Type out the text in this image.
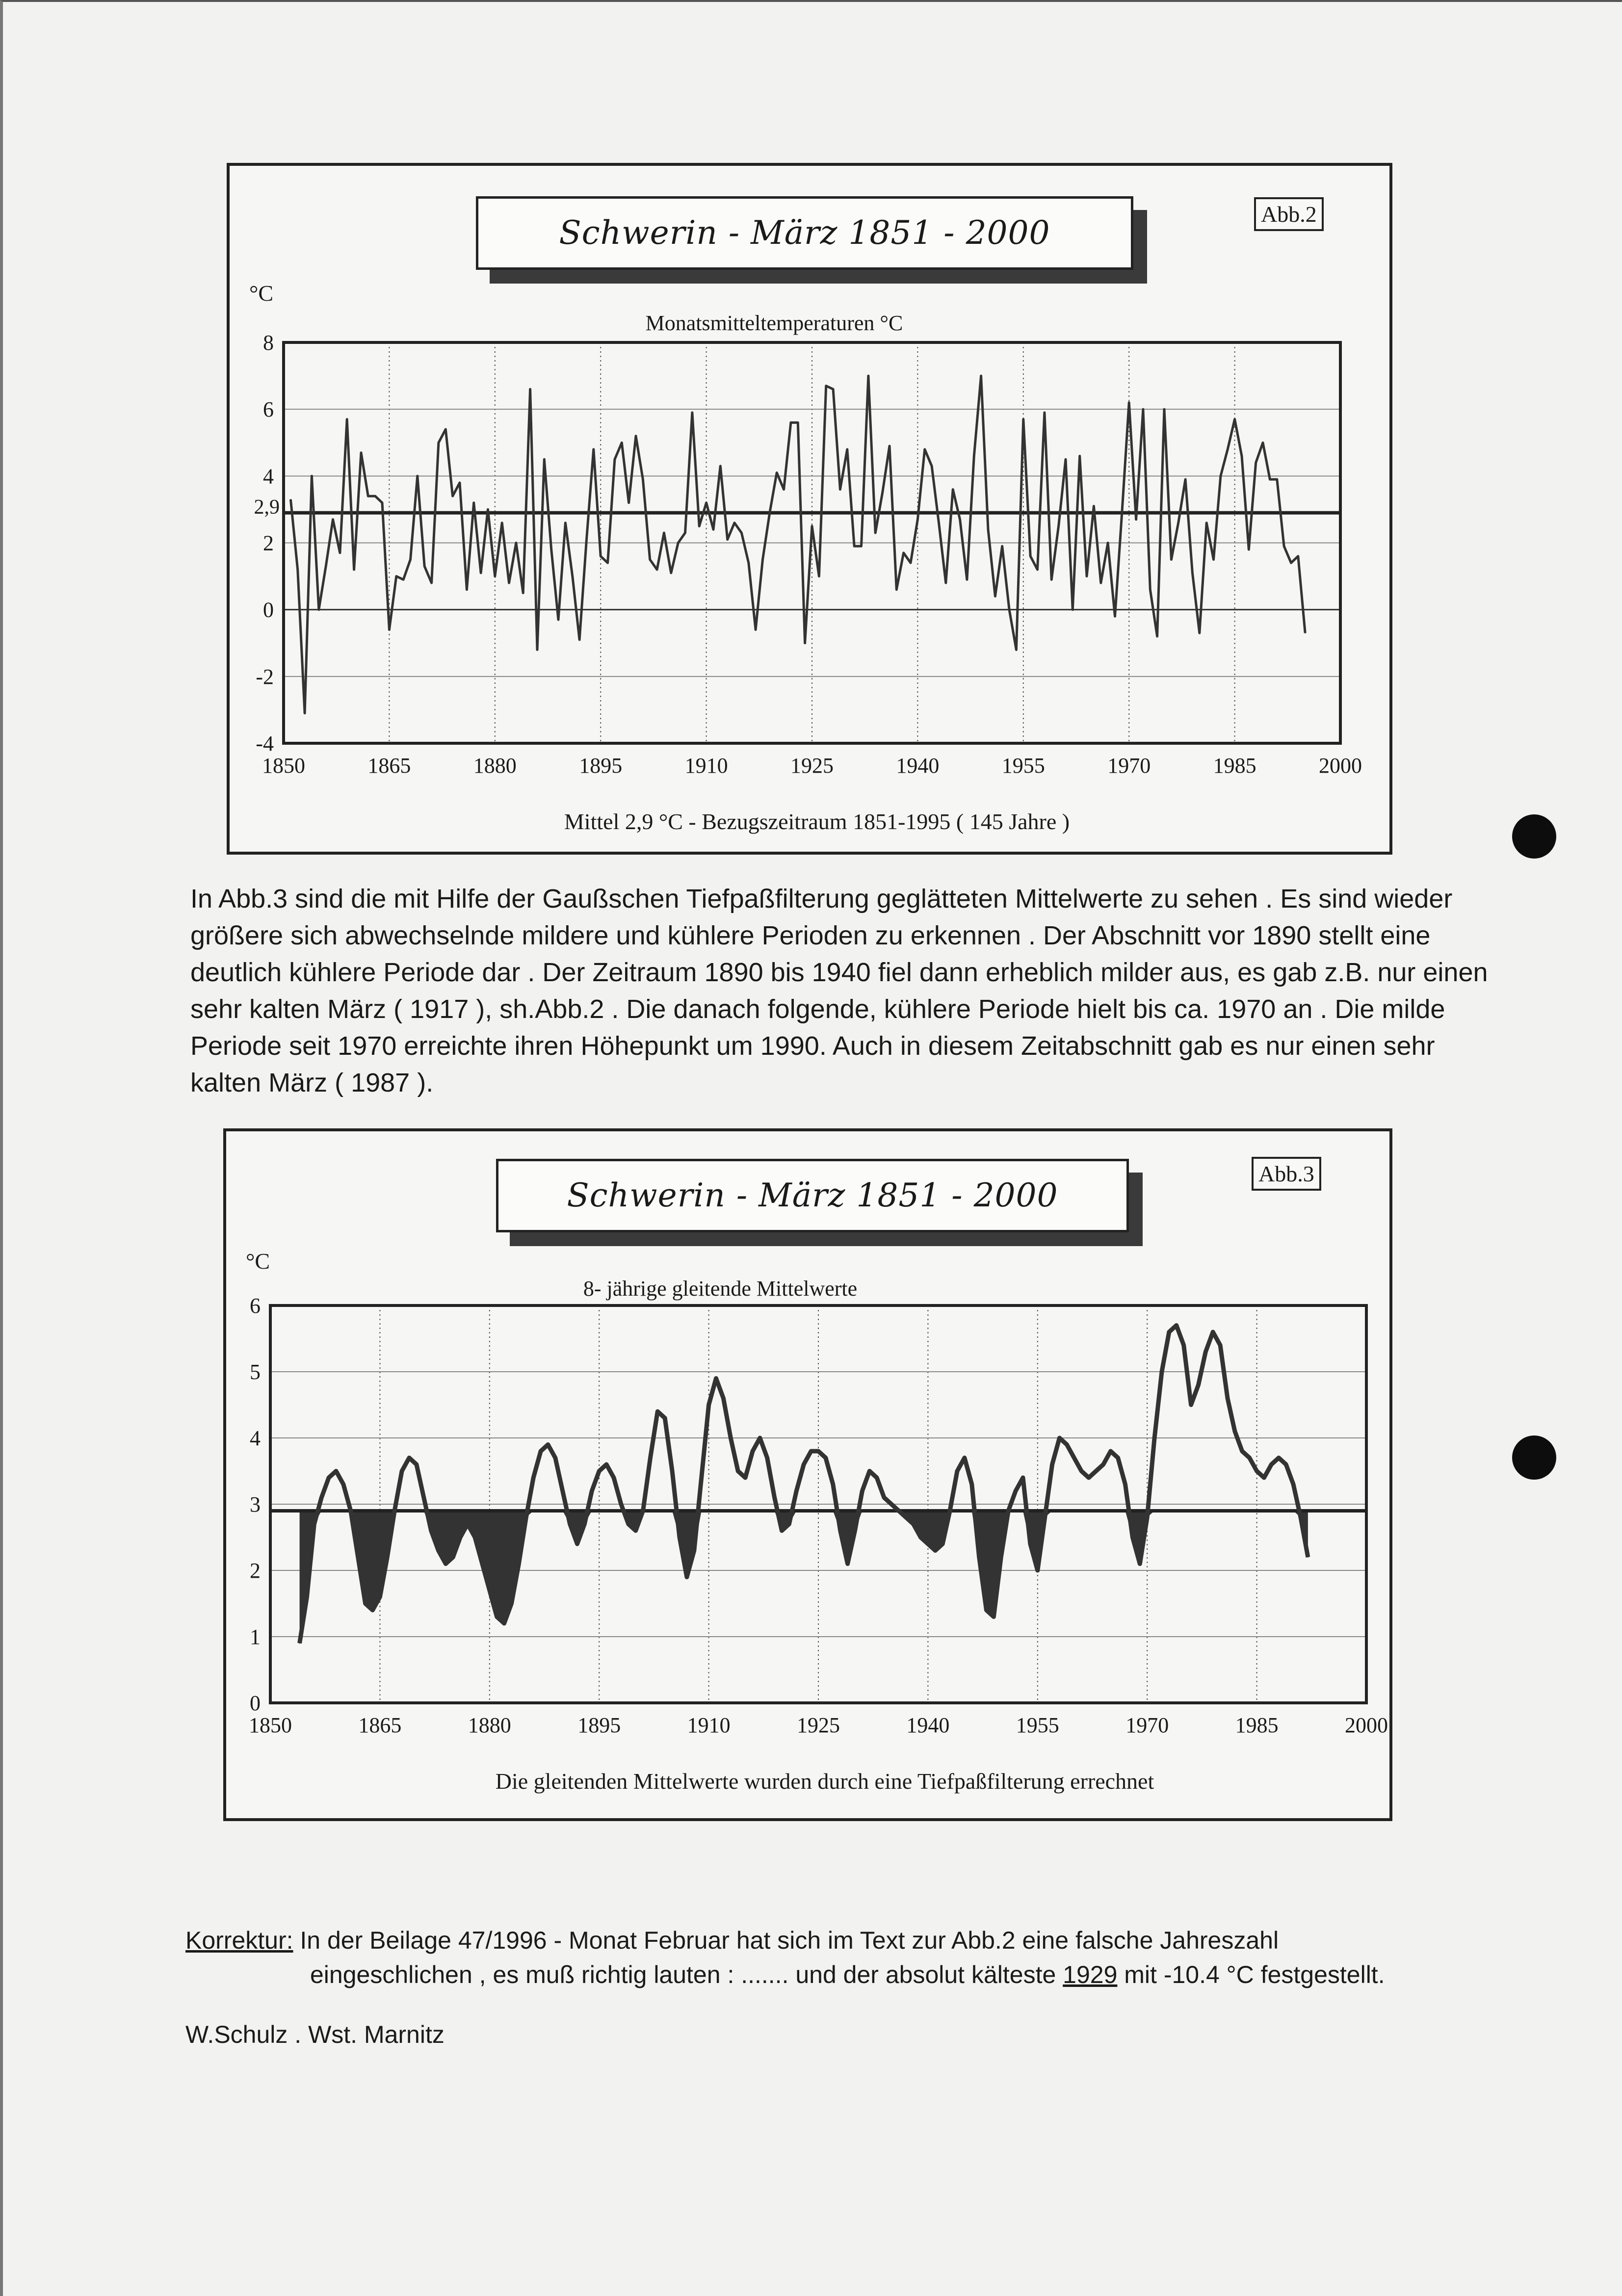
1850	1865	1880	1895	1910	1925	1940	1955	1970	1985	2000
-4
-2
0
2
4
6
8
2,9
°C
Monatsmitteltemperaturen °C
Mittel 2,9 °C - Bezugszeitraum 1851-1995 ( 145 Jahre )
Schwerin - März 1851 - 2000	Abb.2

In Abb.3 sind die mit Hilfe der Gaußschen Tiefpaßfilterung geglätteten Mittelwerte zu sehen . Es sind wieder größere sich abwechselnde mildere und kühlere Perioden zu erkennen . Der Abschnitt vor 1890 stellt eine deutlich kühlere Periode dar . Der Zeitraum 1890 bis 1940 fiel dann erheblich milder aus, es gab z.B. nur einen sehr kalten März ( 1917 ), sh.Abb.2 . Die danach folgende, kühlere Periode hielt bis ca. 1970 an . Die milde Periode seit 1970 erreichte ihren Höhepunkt um 1990. Auch in diesem Zeitabschnitt gab es nur einen sehr kalten März ( 1987 ).

1850	1865	1880	1895	1910	1925	1940	1955	1970	1985	2000
0
1
2
3
4
5
6
°C
8- jährige gleitende Mittelwerte
Die gleitenden Mittelwerte wurden durch eine Tiefpaßfilterung errechnet
Schwerin - März 1851 - 2000
Abb.3
Korrektur: In der Beilage 47/1996 - Monat Februar hat sich im Text zur Abb.2 eine falsche Jahreszahl
eingeschlichen , es muß richtig lauten : ....... und der absolut kälteste 1929 mit -10.4 °C festgestellt.
W.Schulz . Wst. Marnitz
